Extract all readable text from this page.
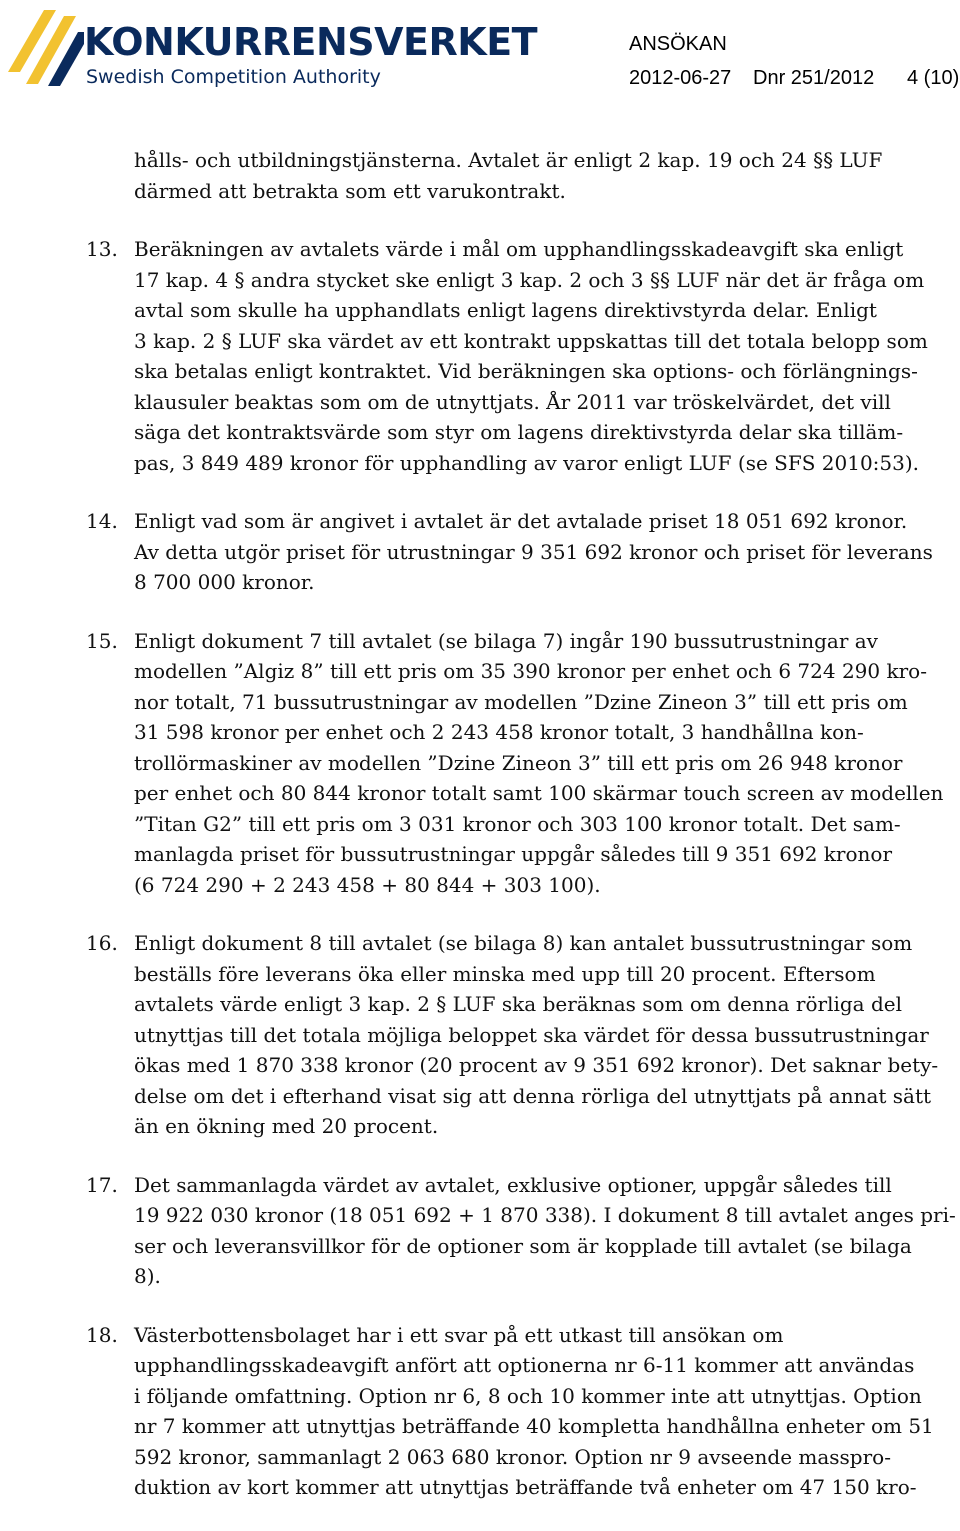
KONKURRENSVERKET
Swedish Competition Authority
ANSÖKAN
2012-06-27 Dnr 251/2012 4 (10)
hålls- och utbildningstjänsterna. Avtalet är enligt 2 kap. 19 och 24 §§ LUF
därmed att betrakta som ett varukontrakt.
13. Beräkningen av avtalets värde i mål om upphandlingsskadeavgift ska enligt
17 kap. 4 § andra stycket ske enligt 3 kap. 2 och 3 §§ LUF när det är fråga om
avtal som skulle ha upphandlats enligt lagens direktivstyrda delar. Enligt
3 kap. 2 § LUF ska värdet av ett kontrakt uppskattas till det totala belopp som
ska betalas enligt kontraktet. Vid beräkningen ska options- och förlängnings-
klausuler beaktas som om de utnyttjats. År 2011 var tröskelvärdet, det vill
säga det kontraktsvärde som styr om lagens direktivstyrda delar ska tilläm-
pas, 3 849 489 kronor för upphandling av varor enligt LUF (se SFS 2010:53).
14. Enligt vad som är angivet i avtalet är det avtalade priset 18 051 692 kronor.
Av detta utgör priset för utrustningar 9 351 692 kronor och priset för leverans
8 700 000 kronor.
15. Enligt dokument 7 till avtalet (se bilaga 7) ingår 190 bussutrustningar av
modellen ”Algiz 8” till ett pris om 35 390 kronor per enhet och 6 724 290 kro-
nor totalt, 71 bussutrustningar av modellen ”Dzine Zineon 3” till ett pris om
31 598 kronor per enhet och 2 243 458 kronor totalt, 3 handhållna kon-
trollörmaskiner av modellen ”Dzine Zineon 3” till ett pris om 26 948 kronor
per enhet och 80 844 kronor totalt samt 100 skärmar touch screen av modellen
”Titan G2” till ett pris om 3 031 kronor och 303 100 kronor totalt. Det sam-
manlagda priset för bussutrustningar uppgår således till 9 351 692 kronor
(6 724 290 + 2 243 458 + 80 844 + 303 100).
16. Enligt dokument 8 till avtalet (se bilaga 8) kan antalet bussutrustningar som
beställs före leverans öka eller minska med upp till 20 procent. Eftersom
avtalets värde enligt 3 kap. 2 § LUF ska beräknas som om denna rörliga del
utnyttjas till det totala möjliga beloppet ska värdet för dessa bussutrustningar
ökas med 1 870 338 kronor (20 procent av 9 351 692 kronor). Det saknar bety-
delse om det i efterhand visat sig att denna rörliga del utnyttjats på annat sätt
än en ökning med 20 procent.
17. Det sammanlagda värdet av avtalet, exklusive optioner, uppgår således till
19 922 030 kronor (18 051 692 + 1 870 338). I dokument 8 till avtalet anges pri-
ser och leveransvillkor för de optioner som är kopplade till avtalet (se bilaga
8).
18. Västerbottensbolaget har i ett svar på ett utkast till ansökan om
upphandlingsskadeavgift anfört att optionerna nr 6-11 kommer att användas
i följande omfattning. Option nr 6, 8 och 10 kommer inte att utnyttjas. Option
nr 7 kommer att utnyttjas beträffande 40 kompletta handhållna enheter om 51
592 kronor, sammanlagt 2 063 680 kronor. Option nr 9 avseende masspro-
duktion av kort kommer att utnyttjas beträffande två enheter om 47 150 kro-
